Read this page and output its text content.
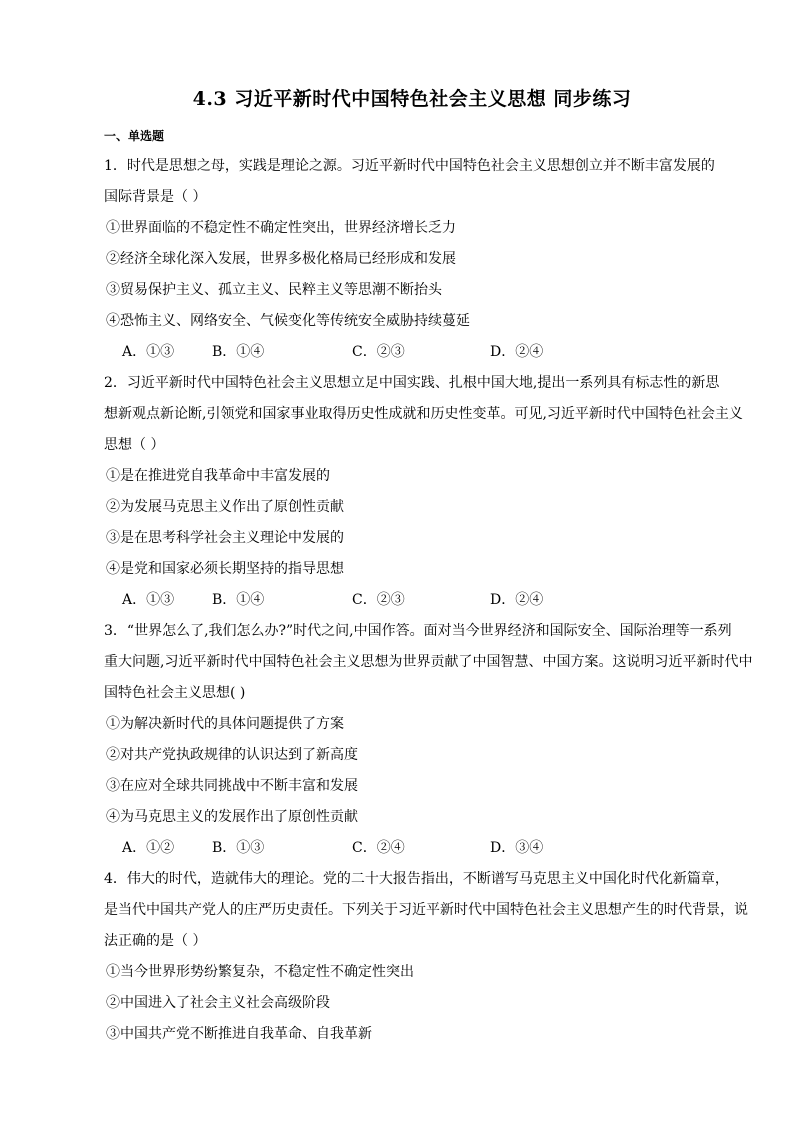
4.3 习近平新时代中国特色社会主义思想 同步练习
一、单选题

1．时代是思想之母，实践是理论之源。习近平新时代中国特色社会主义思想创立并不断丰富发展的

国际背景是（ ）

①世界面临的不稳定性不确定性突出，世界经济增长乏力

②经济全球化深入发展，世界多极化格局已经形成和发展

③贸易保护主义、孤立主义、民粹主义等思潮不断抬头

④恐怖主义、网络安全、气候变化等传统安全威胁持续蔓延

A．①③	B．①④	C．②③	D．②④

2．习近平新时代中国特色社会主义思想立足中国实践、扎根中国大地,提出一系列具有标志性的新思

想新观点新论断,引领党和国家事业取得历史性成就和历史性变革。可见,习近平新时代中国特色社会主义

思想（ ）

①是在推进党自我革命中丰富发展的

②为发展马克思主义作出了原创性贡献

③是在思考科学社会主义理论中发展的

④是党和国家必须长期坚持的指导思想

A．①③	B．①④	C．②③	D．②④

3．“世界怎么了,我们怎么办?”时代之问,中国作答。面对当今世界经济和国际安全、国际治理等一系列

重大问题,习近平新时代中国特色社会主义思想为世界贡献了中国智慧、中国方案。这说明习近平新时代中

国特色社会主义思想( )

①为解决新时代的具体问题提供了方案

②对共产党执政规律的认识达到了新高度

③在应对全球共同挑战中不断丰富和发展

④为马克思主义的发展作出了原创性贡献

A．①②	B．①③	C．②④	D．③④

4．伟大的时代，造就伟大的理论。党的二十大报告指出，不断谱写马克思主义中国化时代化新篇章，

是当代中国共产党人的庄严历史责任。下列关于习近平新时代中国特色社会主义思想产生的时代背景，说

法正确的是（ ）

①当今世界形势纷繁复杂，不稳定性不确定性突出

②中国进入了社会主义社会高级阶段

③中国共产党不断推进自我革命、自我革新
